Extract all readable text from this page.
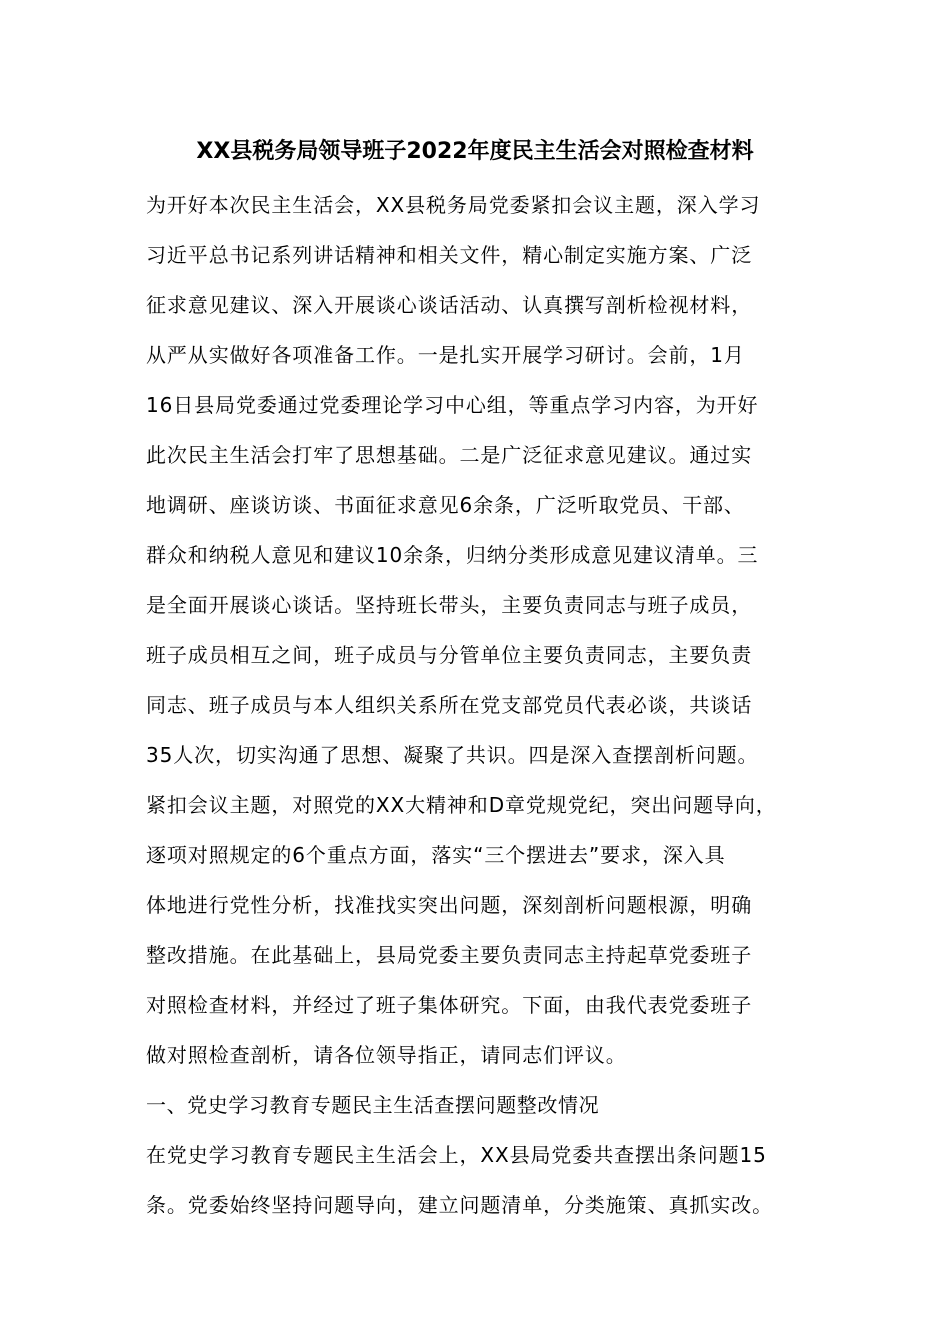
XX县税务局领导班子2022年度民主生活会对照检查材料
为开好本次民主生活会，XX县税务局党委紧扣会议主题，深入学习
习近平总书记系列讲话精神和相关文件，精心制定实施方案、广泛
征求意见建议、深入开展谈心谈话活动、认真撰写剖析检视材料，
从严从实做好各项准备工作。一是扎实开展学习研讨。会前，1月
16日县局党委通过党委理论学习中心组，等重点学习内容，为开好
此次民主生活会打牢了思想基础。二是广泛征求意见建议。通过实
地调研、座谈访谈、书面征求意见6余条，广泛听取党员、干部、
群众和纳税人意见和建议10余条，归纳分类形成意见建议清单。三
是全面开展谈心谈话。坚持班长带头，主要负责同志与班子成员，
班子成员相互之间，班子成员与分管单位主要负责同志，主要负责
同志、班子成员与本人组织关系所在党支部党员代表必谈，共谈话
35人次，切实沟通了思想、凝聚了共识。四是深入查摆剖析问题。
紧扣会议主题，对照党的XX大精神和D章党规党纪，突出问题导向，
逐项对照规定的6个重点方面，落实“三个摆进去”要求，深入具
体地进行党性分析，找准找实突出问题，深刻剖析问题根源，明确
整改措施。在此基础上，县局党委主要负责同志主持起草党委班子
对照检查材料，并经过了班子集体研究。下面，由我代表党委班子
做对照检查剖析，请各位领导指正，请同志们评议。
一、党史学习教育专题民主生活查摆问题整改情况
在党史学习教育专题民主生活会上，XX县局党委共查摆出条问题15
条。党委始终坚持问题导向，建立问题清单，分类施策、真抓实改。
